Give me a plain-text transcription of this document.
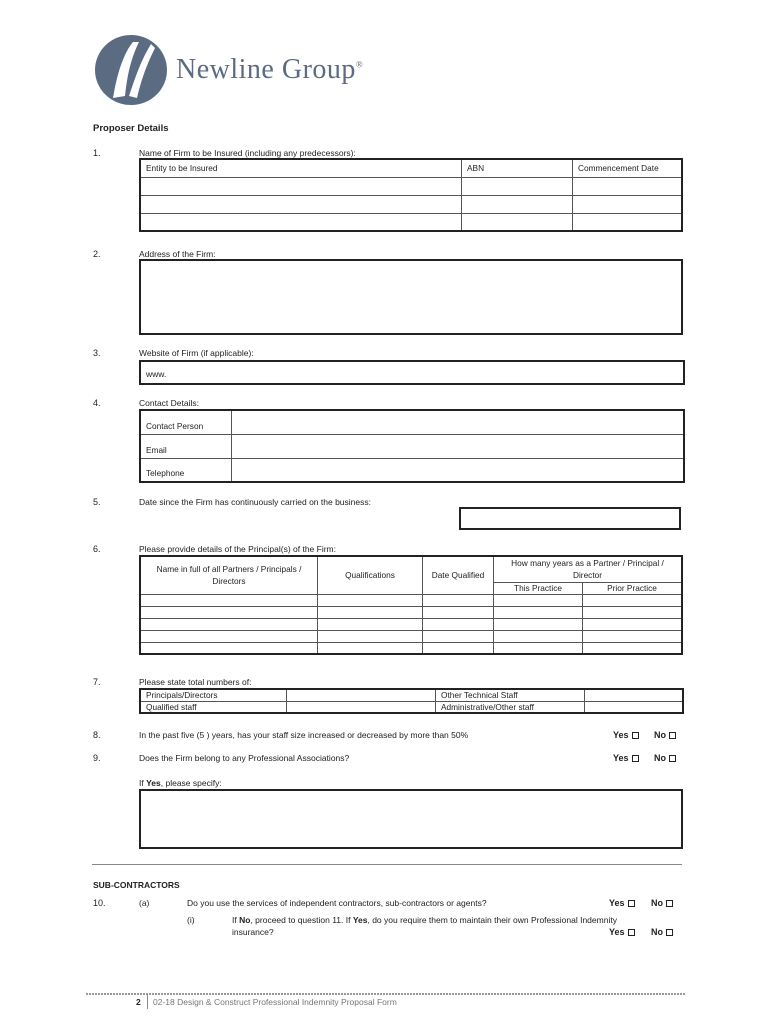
Newline Group®
Proposer Details
1.	Name of Firm to be Insured (including any predecessors):
Entity to be Insured	ABN	Commencement Date

2.	Address of the Firm:
3.	Website of Firm (if applicable):
www.
4.	Contact Details:
Contact Person	
Email	
Telephone	
5.	Date since the Firm has continuously carried on the business:
6.	Please provide details of the Principal(s) of the Firm:
Name in full of all Partners / Principals / Directors	Qualifications	Date Qualified	How many years as a Partner / Principal / Director	
			This Practice	Prior Practice

7.	Please state total numbers of:
Principals/Directors		Other Technical Staff	
Qualified staff		Administrative/Other staff	
8.	In the past five (5 ) years, has your staff size increased or decreased by more than 50%	Yes	No
9.	Does the Firm belong to any Professional Associations?	Yes	No
If Yes, please specify:
SUB-CONTRACTORS
10.	(a)	Do you use the services of independent contractors, sub-contractors or agents?	Yes	No
(i)	If No, proceed to question 11. If Yes, do you require them to maintain their own Professional Indemnity
insurance?	Yes	No
2 02-18 Design & Construct Professional Indemnity Proposal Form
